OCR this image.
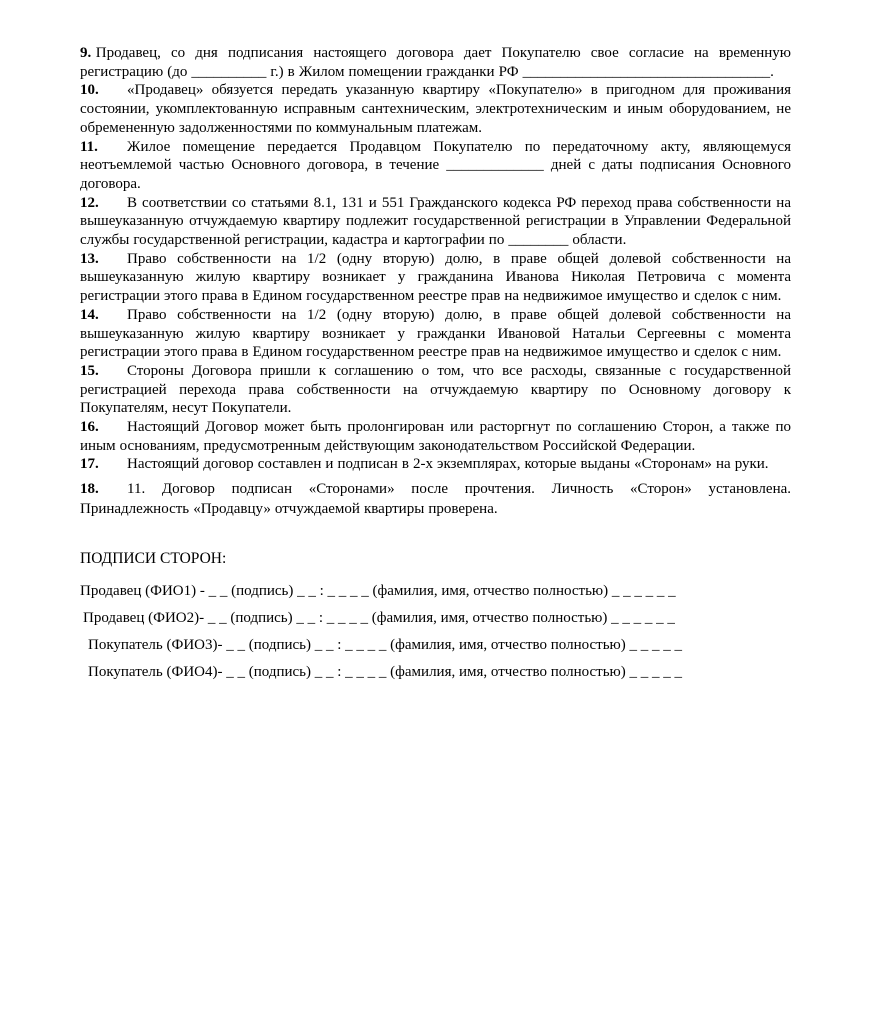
9. Продавец, со дня подписания настоящего договора дает Покупателю свое согласие на временную регистрацию (до __________ г.) в Жилом помещении гражданки РФ _________________________________.

10. «Продавец» обязуется передать указанную квартиру «Покупателю» в пригодном для проживания состоянии, укомплектованную исправным сантехническим, электротехническим и иным оборудованием, не обремененную задолженностями по коммунальным платежам.

11. Жилое помещение передается Продавцом Покупателю по передаточному акту, являющемуся неотъемлемой частью Основного договора, в течение _____________ дней с даты подписания Основного договора.

12. В соответствии со статьями 8.1, 131 и 551 Гражданского кодекса РФ переход права собственности на вышеуказанную отчуждаемую квартиру подлежит государственной регистрации в Управлении Федеральной службы государственной регистрации, кадастра и картографии по ________ области.

13. Право собственности на 1/2 (одну вторую) долю, в праве общей долевой собственности на вышеуказанную жилую квартиру возникает у гражданина Иванова Николая Петровича с момента регистрации этого права в Едином государственном реестре прав на недвижимое имущество и сделок с ним.

14. Право собственности на 1/2 (одну вторую) долю, в праве общей долевой собственности на вышеуказанную жилую квартиру возникает у гражданки Ивановой Натальи Сергеевны с момента регистрации этого права в Едином государственном реестре прав на недвижимое имущество и сделок с ним.

15. Стороны Договора пришли к соглашению о том, что все расходы, связанные с государственной регистрацией перехода права собственности на отчуждаемую квартиру по Основному договору к Покупателям, несут Покупатели.

16. Настоящий Договор может быть пролонгирован или расторгнут по соглашению Сторон, а также по иным основаниям, предусмотренным действующим законодательством Российской Федерации.

17. Настоящий договор составлен и подписан в 2-х экземплярах, которые выданы «Сторонам» на руки.

18. 11. Договор подписан «Сторонами» после прочтения. Личность «Сторон» установлена. Принадлежность «Продавцу» отчуждаемой квартиры проверена.

ПОДПИСИ СТОРОН:

Продавец (ФИО1) - _ _ (подпись) _ _ : _ _ _ _ (фамилия, имя, отчество полностью) _ _ _ _ _ _

Продавец (ФИО2)- _ _ (подпись) _ _ : _ _ _ _ (фамилия, имя, отчество полностью) _ _ _ _ _ _

Покупатель (ФИО3)- _ _ (подпись) _ _ : _ _ _ _ (фамилия, имя, отчество полностью) _ _ _ _ _

Покупатель (ФИО4)- _ _ (подпись) _ _ : _ _ _ _ (фамилия, имя, отчество полностью) _ _ _ _ _
